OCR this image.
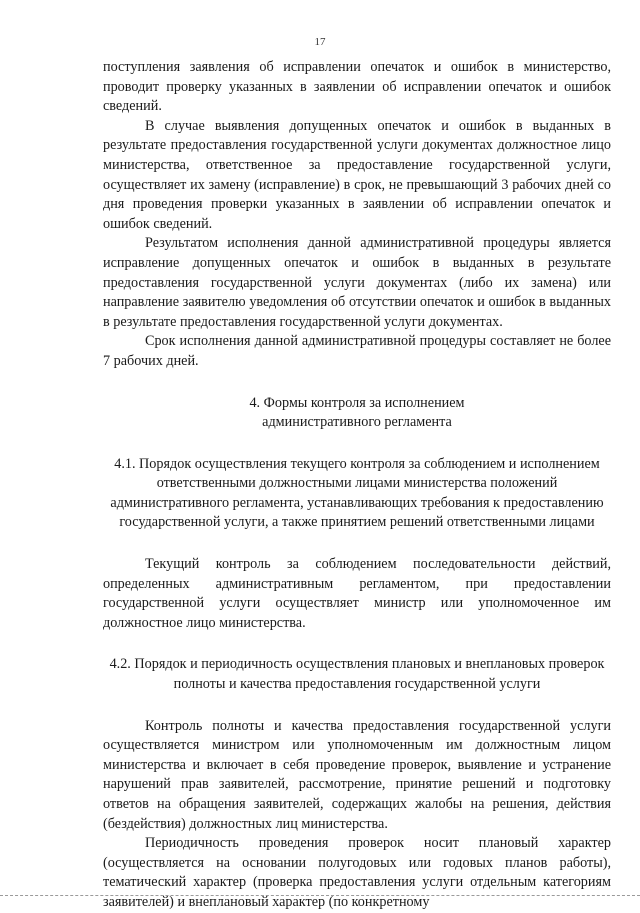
17

поступления заявления об исправлении опечаток и ошибок в министерство, проводит проверку указанных в заявлении об исправлении опечаток и ошибок сведений.

В случае выявления допущенных опечаток и ошибок в выданных в результате предоставления государственной услуги документах должностное лицо министерства, ответственное за предоставление государственной услуги, осуществляет их замену (исправление) в срок, не превышающий 3 рабочих дней со дня проведения проверки указанных в заявлении об исправлении опечаток и ошибок сведений.

Результатом исполнения данной административной процедуры является исправление допущенных опечаток и ошибок в выданных в результате предоставления государственной услуги документах (либо их замена) или направление заявителю уведомления об отсутствии опечаток и ошибок в выданных в результате предоставления государственной услуги документах.

Срок исполнения данной административной процедуры составляет не более 7 рабочих дней.

4. Формы контроля за исполнением административного регламента

4.1. Порядок осуществления текущего контроля за соблюдением и исполнением ответственными должностными лицами министерства положений административного регламента, устанавливающих требования к предоставлению государственной услуги, а также принятием решений ответственными лицами

Текущий контроль за соблюдением последовательности действий, определенных административным регламентом, при предоставлении государственной услуги осуществляет министр или уполномоченное им должностное лицо министерства.

4.2. Порядок и периодичность осуществления плановых и внеплановых проверок полноты и качества предоставления государственной услуги

Контроль полноты и качества предоставления государственной услуги осуществляется министром или уполномоченным им должностным лицом министерства и включает в себя проведение проверок, выявление и устранение нарушений прав заявителей, рассмотрение, принятие решений и подготовку ответов на обращения заявителей, содержащих жалобы на решения, действия (бездействия) должностных лиц министерства.

Периодичность проведения проверок носит плановый характер (осуществляется на основании полугодовых или годовых планов работы), тематический характер (проверка предоставления услуги отдельным категориям заявителей) и внеплановый характер (по конкретному
